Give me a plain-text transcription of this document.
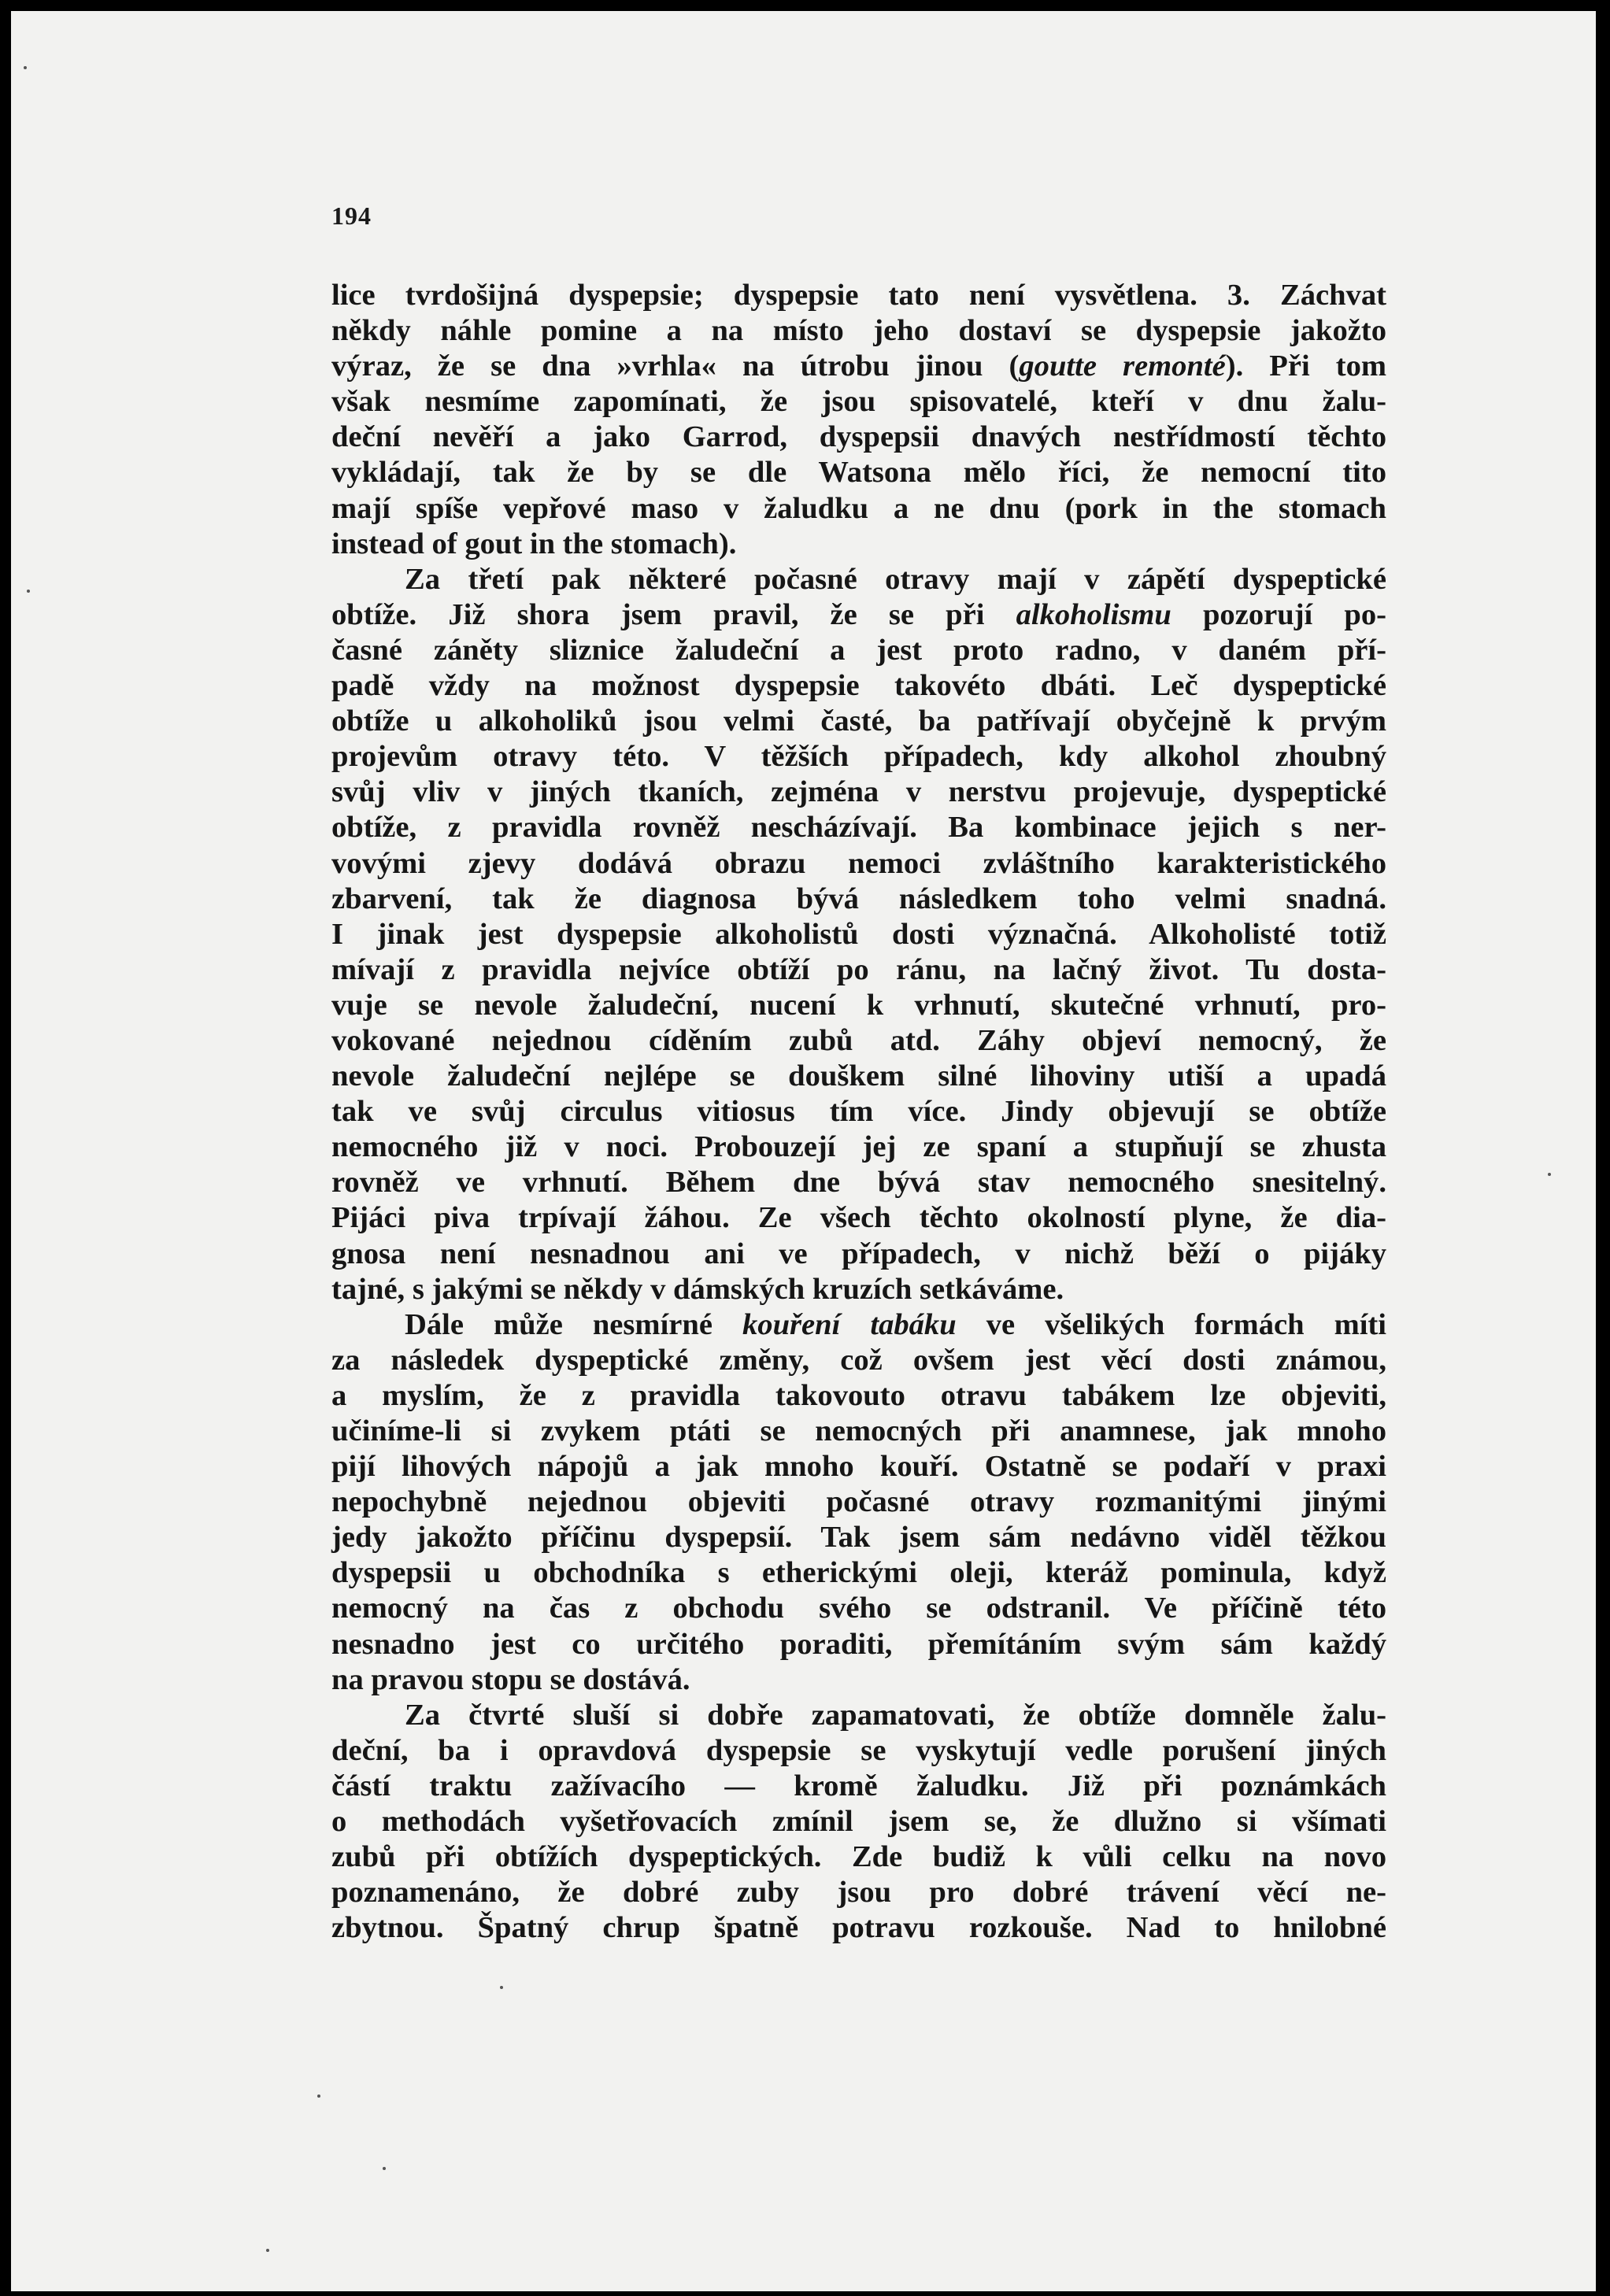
194
lice tvrdošijná dyspepsie; dyspepsie tato není vysvětlena. 3. Záchvat
někdy náhle pomine a na místo jeho dostaví se dyspepsie jakožto
výraz, že se dna »vrhla« na útrobu jinou (goutte remonté). Při tom
však nesmíme zapomínati, že jsou spisovatelé, kteří v dnu žalu-
deční nevěří a jako Garrod, dyspepsii dnavých nestřídmostí těchto
vykládají, tak že by se dle Watsona mělo říci, že nemocní tito
mají spíše vepřové maso v žaludku a ne dnu (pork in the stomach
instead of gout in the stomach).
Za třetí pak některé počasné otravy mají v zápětí dyspeptické
obtíže. Již shora jsem pravil, že se při alkoholismu pozorují po-
časné záněty sliznice žaludeční a jest proto radno, v daném pří-
padě vždy na možnost dyspepsie takovéto dbáti. Leč dyspeptické
obtíže u alkoholiků jsou velmi časté, ba patřívají obyčejně k prvým
projevům otravy této. V těžších případech, kdy alkohol zhoubný
svůj vliv v jiných tkaních, zejména v nerstvu projevuje, dyspeptické
obtíže, z pravidla rovněž nescházívají. Ba kombinace jejich s ner-
vovými zjevy dodává obrazu nemoci zvláštního karakteristického
zbarvení, tak že diagnosa bývá následkem toho velmi snadná.
I jinak jest dyspepsie alkoholistů dosti význačná. Alkoholisté totiž
mívají z pravidla nejvíce obtíží po ránu, na lačný život. Tu dosta-
vuje se nevole žaludeční, nucení k vrhnutí, skutečné vrhnutí, pro-
vokované nejednou cíděním zubů atd. Záhy objeví nemocný, že
nevole žaludeční nejlépe se douškem silné lihoviny utiší a upadá
tak ve svůj circulus vitiosus tím více. Jindy objevují se obtíže
nemocného již v noci. Probouzejí jej ze spaní a stupňují se zhusta
rovněž ve vrhnutí. Během dne bývá stav nemocného snesitelný.
Pijáci piva trpívají žáhou. Ze všech těchto okolností plyne, že dia-
gnosa není nesnadnou ani ve případech, v nichž běží o pijáky
tajné, s jakými se někdy v dámských kruzích setkáváme.
Dále může nesmírné kouření tabáku ve všelikých formách míti
za následek dyspeptické změny, což ovšem jest věcí dosti známou,
a myslím, že z pravidla takovouto otravu tabákem lze objeviti,
učiníme-li si zvykem ptáti se nemocných při anamnese, jak mnoho
pijí lihových nápojů a jak mnoho kouří. Ostatně se podaří v praxi
nepochybně nejednou objeviti počasné otravy rozmanitými jinými
jedy jakožto příčinu dyspepsií. Tak jsem sám nedávno viděl těžkou
dyspepsii u obchodníka s etherickými oleji, kteráž pominula, když
nemocný na čas z obchodu svého se odstranil. Ve příčině této
nesnadno jest co určitého poraditi, přemítáním svým sám každý
na pravou stopu se dostává.
Za čtvrté sluší si dobře zapamatovati, že obtíže domněle žalu-
deční, ba i opravdová dyspepsie se vyskytují vedle porušení jiných
částí traktu zažívacího — kromě žaludku. Již při poznámkách
o methodách vyšetřovacích zmínil jsem se, že dlužno si všímati
zubů při obtížích dyspeptických. Zde budiž k vůli celku na novo
poznamenáno, že dobré zuby jsou pro dobré trávení věcí ne-
zbytnou. Špatný chrup špatně potravu rozkouše. Nad to hnilobné
